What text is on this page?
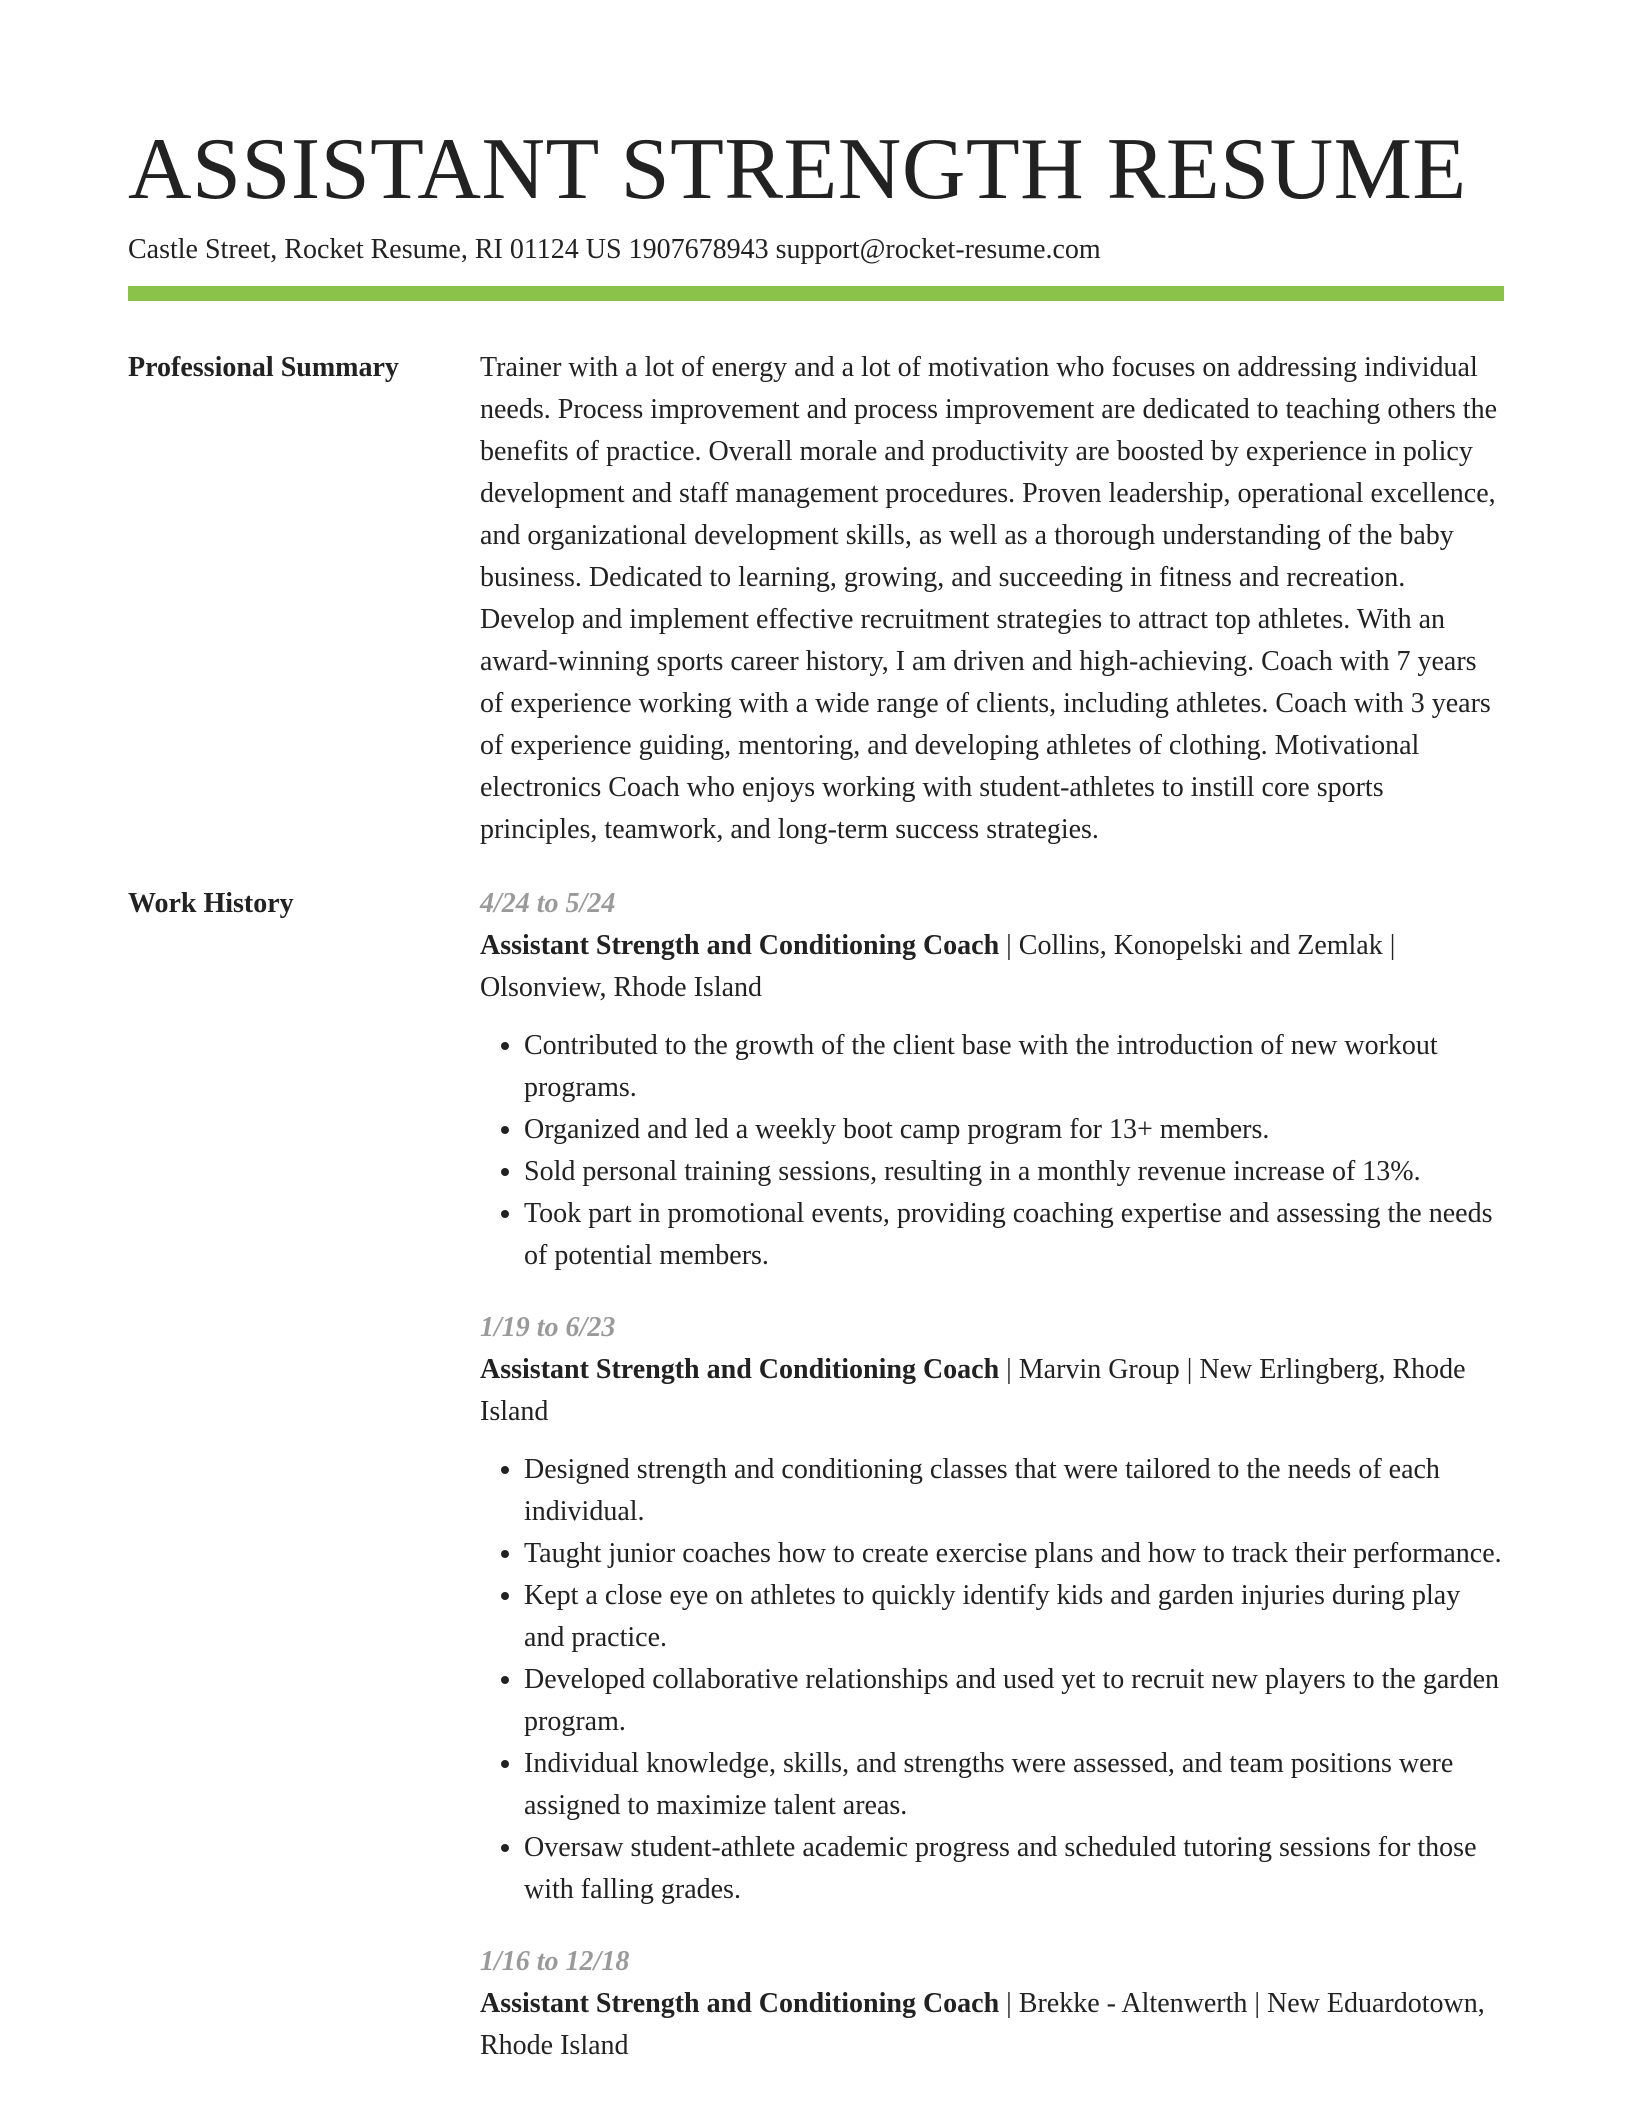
ASSISTANT STRENGTH RESUME
Castle Street, Rocket Resume, RI 01124 US 1907678943 support@rocket-resume.com
Professional Summary	Trainer with a lot of energy and a lot of motivation who focuses on addressing individual needs. Process improvement and process improvement are dedicated to teaching others the benefits of practice. Overall morale and productivity are boosted by experience in policy development and staff management procedures. Proven leadership, operational excellence, and organizational development skills, as well as a thorough understanding of the baby business. Dedicated to learning, growing, and succeeding in fitness and recreation. Develop and implement effective recruitment strategies to attract top athletes. With an award-winning sports career history, I am driven and high-achieving. Coach with 7 years of experience working with a wide range of clients, including athletes. Coach with 3 years of experience guiding, mentoring, and developing athletes of clothing. Motivational electronics Coach who enjoys working with student-athletes to instill core sports principles, teamwork, and long-term success strategies.

Work History	4/24 to 5/24

Assistant Strength and Conditioning Coach | Collins, Konopelski and Zemlak | Olsonview, Rhode Island

• Contributed to the growth of the client base with the introduction of new workout programs.
• Organized and led a weekly boot camp program for 13+ members.
• Sold personal training sessions, resulting in a monthly revenue increase of 13%.
• Took part in promotional events, providing coaching expertise and assessing the needs of potential members.
1/19 to 6/23

Assistant Strength and Conditioning Coach | Marvin Group | New Erlingberg, Rhode Island

• Designed strength and conditioning classes that were tailored to the needs of each individual.
• Taught junior coaches how to create exercise plans and how to track their performance.
• Kept a close eye on athletes to quickly identify kids and garden injuries during play and practice.
• Developed collaborative relationships and used yet to recruit new players to the garden program.
• Individual knowledge, skills, and strengths were assessed, and team positions were assigned to maximize talent areas.
• Oversaw student-athlete academic progress and scheduled tutoring sessions for those with falling grades.
1/16 to 12/18

Assistant Strength and Conditioning Coach | Brekke - Altenwerth | New Eduardotown, Rhode Island
